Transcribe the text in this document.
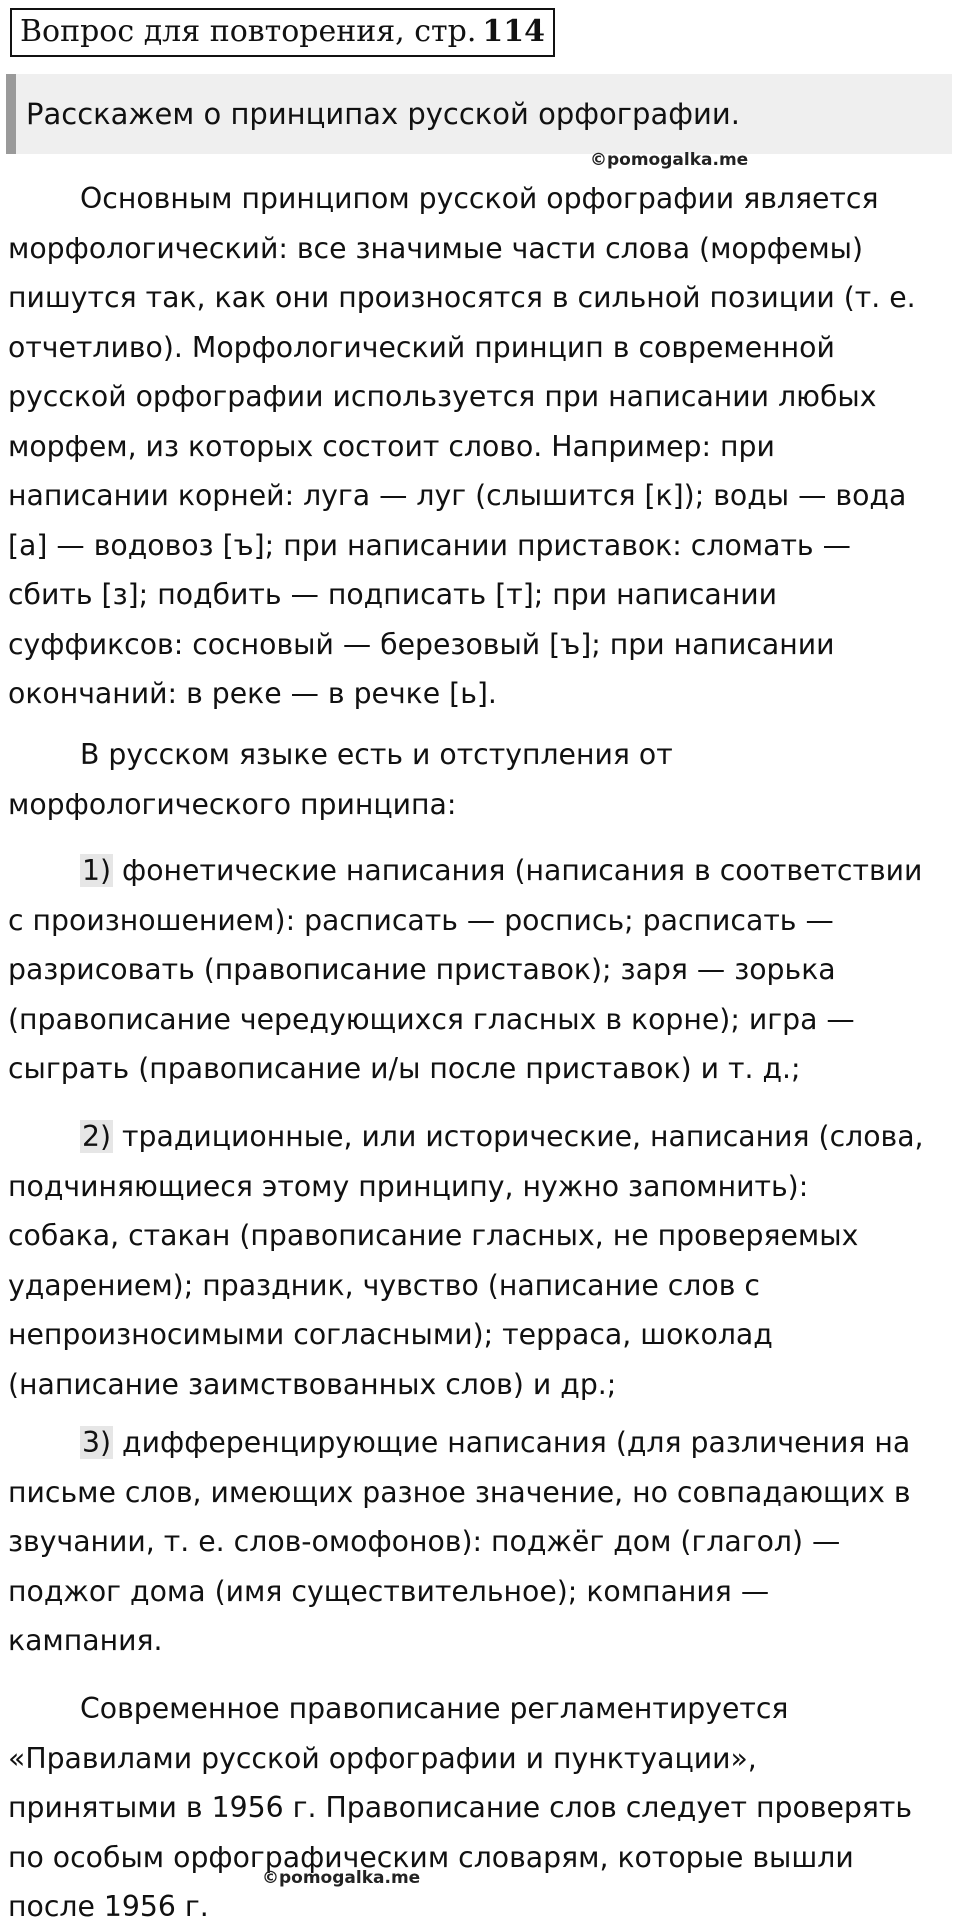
Вопрос для повторения, стр. 114
Расскажем о принципах русской орфографии.
©pomogalka.me

Основным принципом русской орфографии является
морфологический: все значимые части слова (морфемы)
пишутся так, как они произносятся в сильной позиции (т. е.
отчетливо). Морфологический принцип в современной
русской орфографии используется при написании любых
морфем, из которых состоит слово. Например: при
написании корней: луга — луг (слышится [к]); воды — вода
[а] — водовоз [ъ]; при написании приставок: сломать —
сбить [з]; подбить — подписать [т]; при написании
суффиксов: сосновый — березовый [ъ]; при написании
окончаний: в реке — в речке [ь].

В русском языке есть и отступления от
морфологического принципа:

1) фонетические написания (написания в соответствии
с произношением): расписать — роспись; расписать —
разрисовать (правописание приставок); заря — зорька
(правописание чередующихся гласных в корне); игра —
сыграть (правописание и/ы после приставок) и т. д.;

2) традиционные, или исторические, написания (слова,
подчиняющиеся этому принципу, нужно запомнить):
собака, стакан (правописание гласных, не проверяемых
ударением); праздник, чувство (написание слов с
непроизносимыми согласными); терраса, шоколад
(написание заимствованных слов) и др.;

3) дифференцирующие написания (для различения на
письме слов, имеющих разное значение, но совпадающих в
звучании, т. е. слов-омофонов): поджёг дом (глагол) —
поджог дома (имя существительное); компания —
кампания.

Современное правописание регламентируется
«Правилами русской орфографии и пунктуации»,
принятыми в 1956 г. Правописание слов следует проверять
по особым орфографическим словарям, которые вышли
после 1956 г.

©pomogalka.me
